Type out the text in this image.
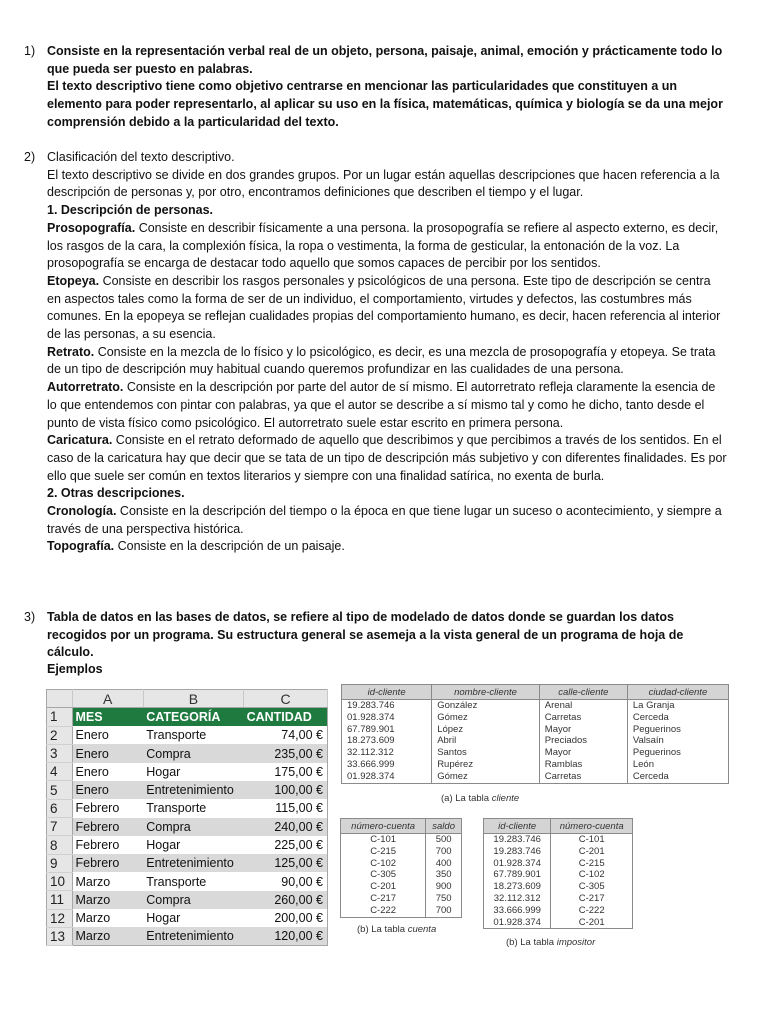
1) Consiste en la representación verbal real de un objeto, persona, paisaje, animal, emoción y prácticamente todo lo que pueda ser puesto en palabras.

El texto descriptivo tiene como objetivo centrarse en mencionar las particularidades que constituyen a un elemento para poder representarlo, al aplicar su uso en la física, matemáticas, química y biología se da una mejor comprensión debido a la particularidad del texto.

2) Clasificación del texto descriptivo.

El texto descriptivo se divide en dos grandes grupos. Por un lugar están aquellas descripciones que hacen referencia a la descripción de personas y, por otro, encontramos definiciones que describen el tiempo y el lugar.

1. Descripción de personas.

Prosopografía. Consiste en describir físicamente a una persona. la prosopografía se refiere al aspecto externo, es decir, los rasgos de la cara, la complexión física, la ropa o vestimenta, la forma de gesticular, la entonación de la voz. La prosopografía se encarga de destacar todo aquello que somos capaces de percibir por los sentidos.

Etopeya. Consiste en describir los rasgos personales y psicológicos de una persona. Este tipo de descripción se centra en aspectos tales como la forma de ser de un individuo, el comportamiento, virtudes y defectos, las costumbres más comunes. En la epopeya se reflejan cualidades propias del comportamiento humano, es decir, hacen referencia al interior de las personas, a su esencia.

Retrato. Consiste en la mezcla de lo físico y lo psicológico, es decir, es una mezcla de prosopografía y etopeya. Se trata de un tipo de descripción muy habitual cuando queremos profundizar en las cualidades de una persona.

Autorretrato. Consiste en la descripción por parte del autor de sí mismo. El autorretrato refleja claramente la esencia de lo que entendemos con pintar con palabras, ya que el autor se describe a sí mismo tal y como he dicho, tanto desde el punto de vista físico como psicológico. El autorretrato suele estar escrito en primera persona.

Caricatura. Consiste en el retrato deformado de aquello que describimos y que percibimos a través de los sentidos. En el caso de la caricatura hay que decir que se tata de un tipo de descripción más subjetivo y con diferentes finalidades. Es por ello que suele ser común en textos literarios y siempre con una finalidad satírica, no exenta de burla.

2. Otras descripciones.

Cronología. Consiste en la descripción del tiempo o la época en que tiene lugar un suceso o acontecimiento, y siempre a través de una perspectiva histórica.

Topografía. Consiste en la descripción de un paisaje.

3) Tabla de datos en las bases de datos, se refiere al tipo de modelado de datos donde se guardan los datos recogidos por un programa. Su estructura general se asemeja a la vista general de un programa de hoja de cálculo.

Ejemplos
	A	B	C
1	MES	CATEGORÍA	CANTIDAD
2	Enero	Transporte	74,00 €
3	Enero	Compra	235,00 €
4	Enero	Hogar	175,00 €
5	Enero	Entretenimiento	100,00 €
6	Febrero	Transporte	115,00 €
7	Febrero	Compra	240,00 €
8	Febrero	Hogar	225,00 €
9	Febrero	Entretenimiento	125,00 €
10	Marzo	Transporte	90,00 €
11	Marzo	Compra	260,00 €
12	Marzo	Hogar	200,00 €
13	Marzo	Entretenimiento	120,00 €
id-cliente	nombre-cliente	calle-cliente	ciudad-cliente
19.283.746	González	Arenal	La Granja
01.928.374	Gómez	Carretas	Cerceda
67.789.901	López	Mayor	Peguerinos
18.273.609	Abril	Preciados	Valsaín
32.112.312	Santos	Mayor	Peguerinos
33.666.999	Rupérez	Ramblas	León
01.928.374	Gómez	Carretas	Cerceda
(a) La tabla cliente
número-cuenta	saldo
C-101	500
C-215	700
C-102	400
C-305	350
C-201	900
C-217	750
C-222	700
(b) La tabla cuenta
id-cliente	número-cuenta
19.283.746	C-101
19.283.746	C-201
01.928.374	C-215
67.789.901	C-102
18.273.609	C-305
32.112.312	C-217
33.666.999	C-222
01.928.374	C-201
(b) La tabla impositor
